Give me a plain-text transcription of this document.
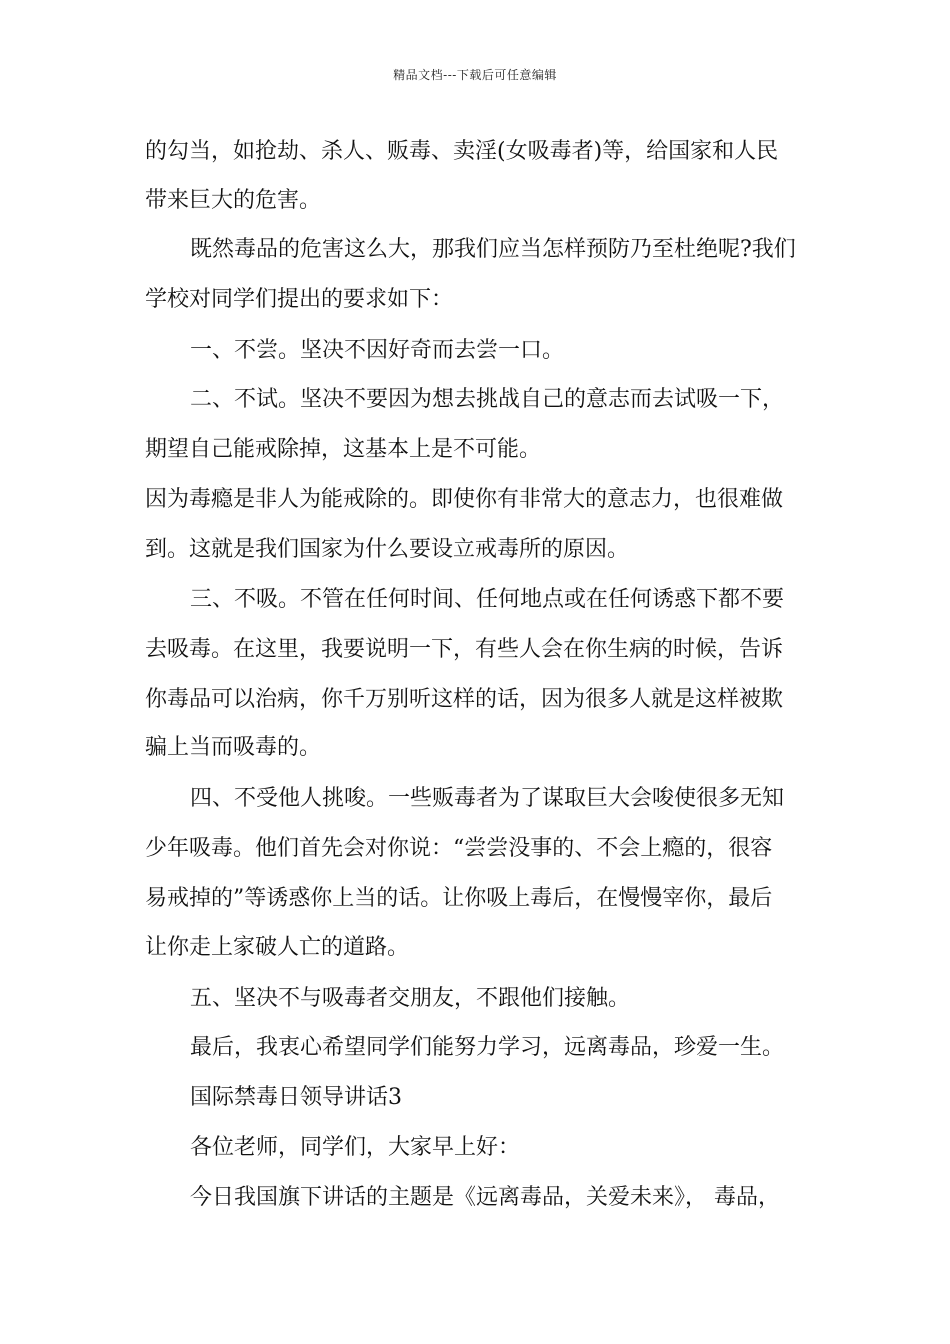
精品文档---下载后可任意编辑
的勾当，如抢劫、杀人、贩毒、卖淫(女吸毒者)等，给国家和人民
带来巨大的危害。
既然毒品的危害这么大，那我们应当怎样预防乃至杜绝呢?我们
学校对同学们提出的要求如下：
一、不尝。坚决不因好奇而去尝一口。
二、不试。坚决不要因为想去挑战自己的意志而去试吸一下，
期望自己能戒除掉，这基本上是不可能。
因为毒瘾是非人为能戒除的。即使你有非常大的意志力，也很难做
到。这就是我们国家为什么要设立戒毒所的原因。
三、不吸。不管在任何时间、任何地点或在任何诱惑下都不要
去吸毒。在这里，我要说明一下，有些人会在你生病的时候，告诉
你毒品可以治病，你千万别听这样的话，因为很多人就是这样被欺
骗上当而吸毒的。
四、不受他人挑唆。一些贩毒者为了谋取巨大会唆使很多无知
少年吸毒。他们首先会对你说：“尝尝没事的、不会上瘾的，很容
易戒掉的”等诱惑你上当的话。让你吸上毒后，在慢慢宰你，最后
让你走上家破人亡的道路。
五、坚决不与吸毒者交朋友，不跟他们接触。
最后，我衷心希望同学们能努力学习，远离毒品，珍爱一生。
国际禁毒日领导讲话3
各位老师，同学们，大家早上好：
今日我国旗下讲话的主题是《远离毒品，关爱未来》， 毒品，
